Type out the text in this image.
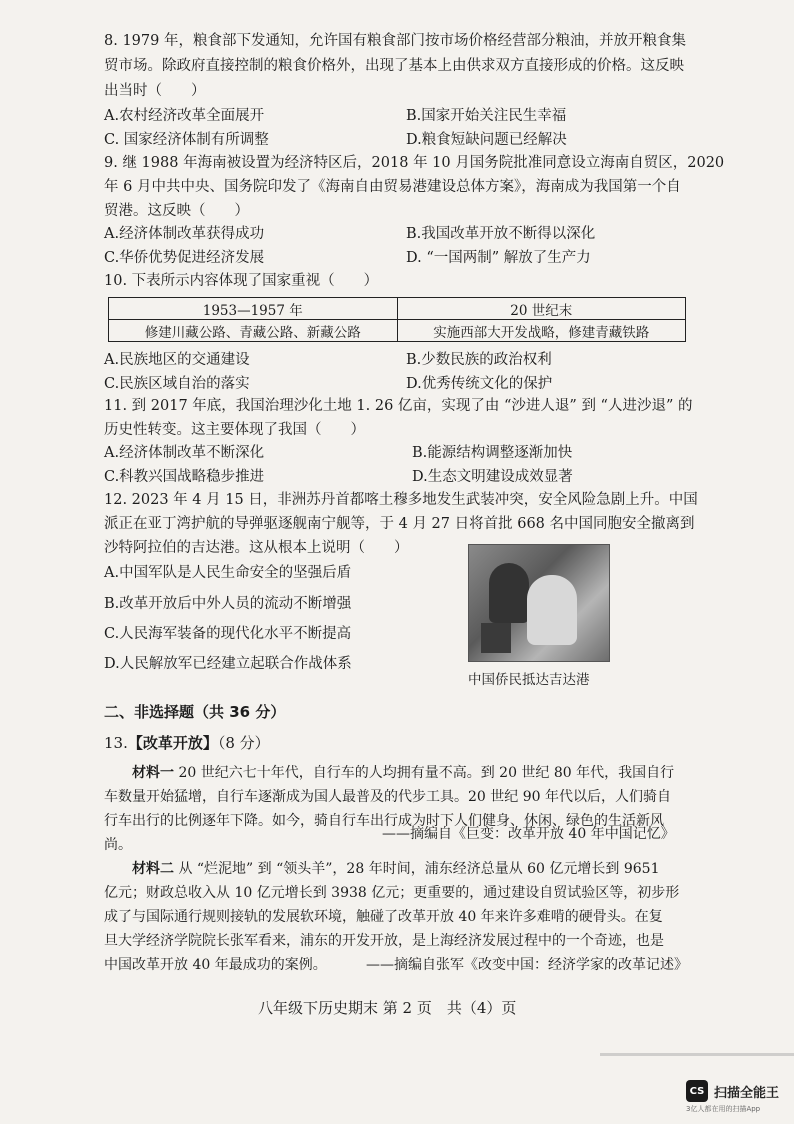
8. 1979 年，粮食部下发通知，允许国有粮食部门按市场价格经营部分粮油，并放开粮食集
贸市场。除政府直接控制的粮食价格外，出现了基本上由供求双方直接形成的价格。这反映
出当时（　　）
A.农村经济改革全面展开	B.国家开始关注民生幸福
C. 国家经济体制有所调整	D.粮食短缺问题已经解决
9. 继 1988 年海南被设置为经济特区后，2018 年 10 月国务院批准同意设立海南自贸区，2020
年 6 月中共中央、国务院印发了《海南自由贸易港建设总体方案》，海南成为我国第一个自
贸港。这反映（　　）
A.经济体制改革获得成功	B.我国改革开放不断得以深化
C.华侨优势促进经济发展	D. “一国两制” 解放了生产力
10. 下表所示内容体现了国家重视（　　）
1953—1957 年	20 世纪末
修建川藏公路、青藏公路、新藏公路	实施西部大开发战略，修建青藏铁路
A.民族地区的交通建设	B.少数民族的政治权利
C.民族区域自治的落实	D.优秀传统文化的保护
11. 到 2017 年底，我国治理沙化土地 1. 26 亿亩，实现了由 “沙进人退” 到 “人进沙退” 的
历史性转变。这主要体现了我国（　　）
A.经济体制改革不断深化	B.能源结构调整逐渐加快
C.科教兴国战略稳步推进	D.生态文明建设成效显著
12. 2023 年 4 月 15 日，非洲苏丹首都喀土穆多地发生武装冲突，安全风险急剧上升。中国
派正在亚丁湾护航的导弹驱逐舰南宁舰等，于 4 月 27 日将首批 668 名中国同胞安全撤离到
沙特阿拉伯的吉达港。这从根本上说明（　　）
A.中国军队是人民生命安全的坚强后盾
B.改革开放后中外人员的流动不断增强
C.人民海军装备的现代化水平不断提高
D.人民解放军已经建立起联合作战体系
中国侨民抵达吉达港
二、非选择题（共 36 分）
13.【改革开放】（8 分）
材料一 20 世纪六七十年代，自行车的人均拥有量不高。到 20 世纪 80 年代，我国自行
车数量开始猛增，自行车逐渐成为国人最普及的代步工具。20 世纪 90 年代以后，人们骑自
行车出行的比例逐年下降。如今，骑自行车出行成为时下人们健身、休闲、绿色的生活新风
尚。
——摘编自《巨变：改革开放 40 年中国记忆》
材料二 从 “烂泥地” 到 “领头羊”，28 年时间，浦东经济总量从 60 亿元增长到 9651
亿元；财政总收入从 10 亿元增长到 3938 亿元；更重要的，通过建设自贸试验区等，初步形
成了与国际通行规则接轨的发展软环境，触碰了改革开放 40 年来许多难啃的硬骨头。在复
旦大学经济学院院长张军看来，浦东的开发开放，是上海经济发展过程中的一个奇迹，也是
中国改革开放 40 年最成功的案例。	——摘编自张军《改变中国：经济学家的改革记述》
八年级下历史期末 第 2 页　共（4）页
CS 扫描全能王
3亿人都在用的扫描App
